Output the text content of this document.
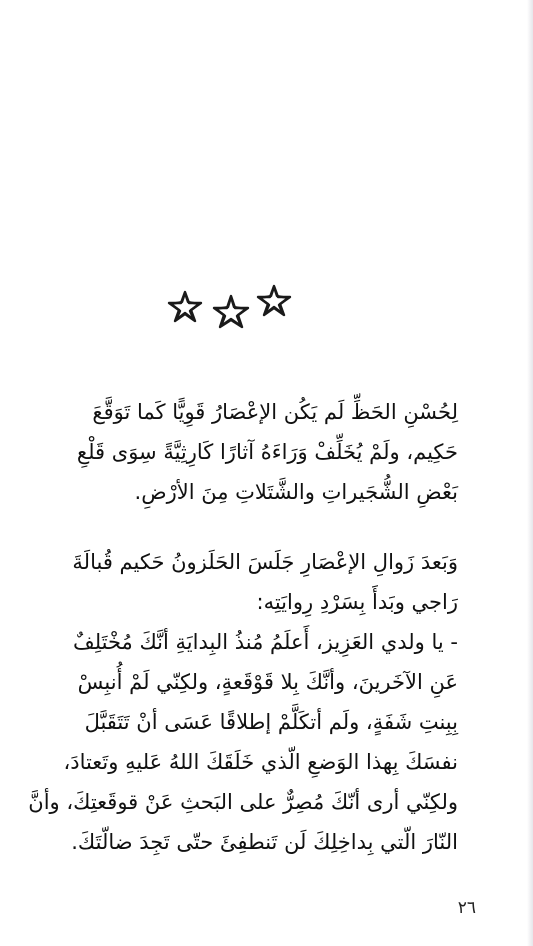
لِحُسْنِ الحَظِّ لَم يَكُن الإعْصَارُ قَوِيًّا كَما تَوَقَّعَ
حَكِيم، ولَمْ يُخَلِّفْ وَرَاءَهُ آثارًا كَارِثِيَّةً سِوَى قَلْعِ
بَعْضِ الشُّجَيراتِ والشَّتَلاتِ مِنَ الأرْضِ.
وَبَعدَ زَوالِ الإعْصَارِ جَلَسَ الحَلَزونُ حَكيم قُبالَةَ
رَاجي وبَدأَ بِسَرْدِ رِوايَتِه:
- يا ولدي العَزِيز، أَعلَمُ مُنذُ البِدايَةِ أنَّكَ مُخْتَلِفٌ
عَنِ الآخَرينَ، وأنَّكَ بِلا قَوْقَعةٍ، ولكِنّي لَمْ أُنبِسْ
بِبِنتِ شَفَةٍ، ولَم أتكَلَّمْ إطلاقًا عَسَى أنْ تَتَقَبَّلَ
نفسَكَ بِهذا الوَضعِ الّذي خَلَقَكَ اللهُ عَليهِ وتَعتادَ،
ولكِنّي أرى أنّكَ مُصِرٌّ على البَحثِ عَنْ قوقَعتِكَ، وأنَّ
النّارَ الّتي بِداخِلِكَ لَن تَنطفِئَ حتّى تَجِدَ ضالّتَكَ.
٢٦
